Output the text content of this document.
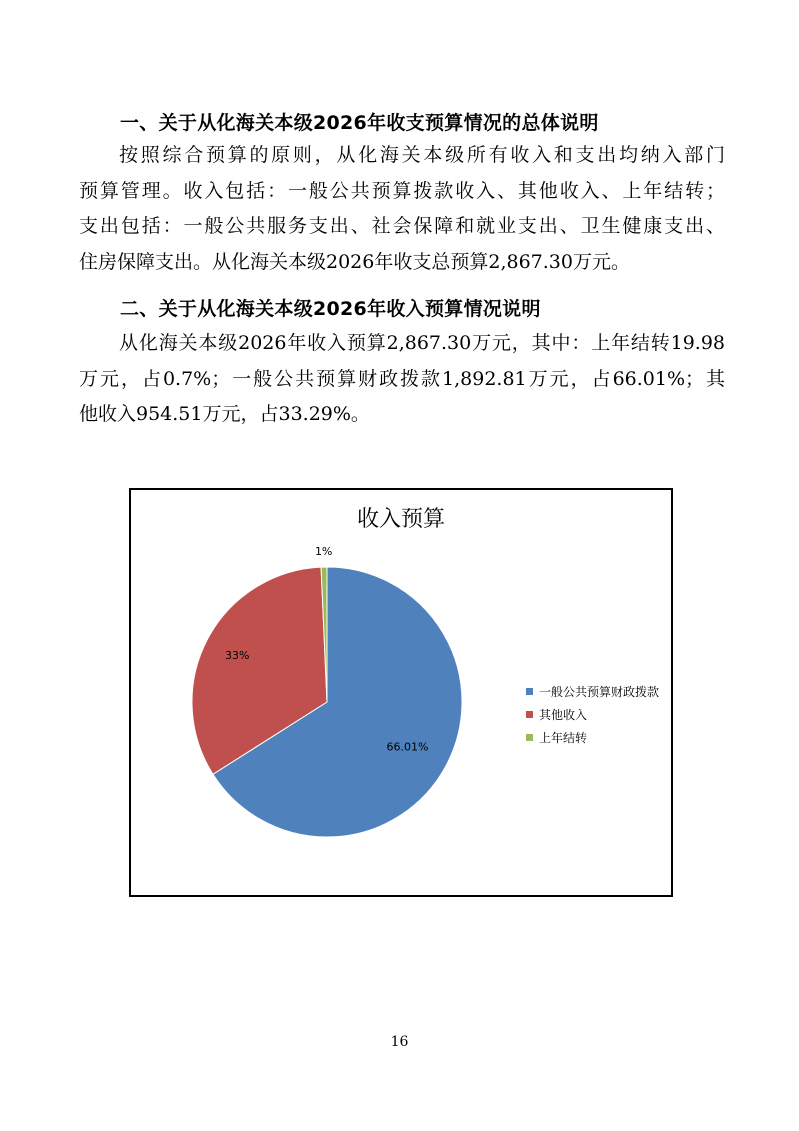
一、关于从化海关本级2026年收支预算情况的总体说明
按照综合预算的原则，从化海关本级所有收入和支出均纳入部门
预算管理。收入包括：一般公共预算拨款收入、其他收入、上年结转；
支出包括：一般公共服务支出、社会保障和就业支出、卫生健康支出、
住房保障支出。从化海关本级2026年收支总预算2,867.30万元。
二、关于从化海关本级2026年收入预算情况说明
从化海关本级2026年收入预算2,867.30万元，其中：上年结转19.98
万元，占0.7%；一般公共预算财政拨款1,892.81万元，占66.01%；其
他收入954.51万元，占33.29%。
收入预算
66.01%
33%
1%
一般公共预算财政拨款
其他收入
上年结转
16
